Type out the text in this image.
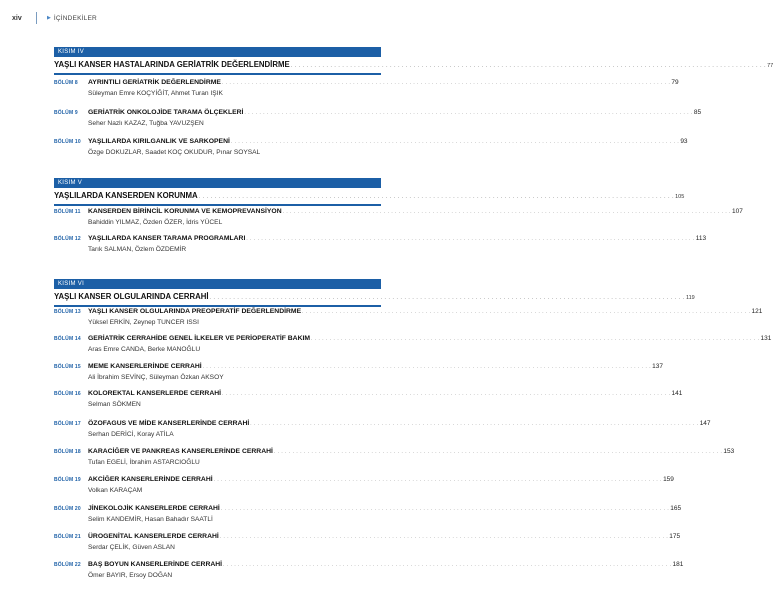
xiv	▶ İÇİNDEKİLER
KISIM IV
YAŞLI KANSER HASTALARINDA GERİATRİK DEĞERLENDİRME . . . . . . . . . . . . . . . . . . . . . . . . . . . . . . . . . . . . . . . . . . . . . . . . . . . . . . . . . . . . . . . . . . . . . . . . . . . . . . . . . . . . . . . . . . . . . . . . . . . . . . . . . . . . . . . . . . . . . . . . 77
BÖLÜM 8	AYRINTILI GERİATRİK DEĞERLENDİRME . . . . . . . . . . . . . . . . . . . . . . . . . . . . . . . . . . . . . . . . . . . . . . . . . . . . . . . . . . . . . . . . . . . . . . . . . . . . . . . . . . . . . . . . . . . . . . . . . . . . . . . . . . . . . . . . . . . . . . . . 79
Süleyman Emre KOÇYİĞİT, Ahmet Turan IŞIK
BÖLÜM 9	GERİATRİK ONKOLOJİDE TARAMA ÖLÇEKLERİ . . . . . . . . . . . . . . . . . . . . . . . . . . . . . . . . . . . . . . . . . . . . . . . . . . . . . . . . . . . . . . . . . . . . . . . . . . . . . . . . . . . . . . . . . . . . . . . . . . . . . . . . . . . . . . . . . . . . . . . . 85
Seher Nazlı KAZAZ, Tuğba YAVUZŞEN
BÖLÜM 10	YAŞLILARDA KIRILGANLIK VE SARKOPENİ . . . . . . . . . . . . . . . . . . . . . . . . . . . . . . . . . . . . . . . . . . . . . . . . . . . . . . . . . . . . . . . . . . . . . . . . . . . . . . . . . . . . . . . . . . . . . . . . . . . . . . . . . . . . . . . . . . . . . . . . 93
Özge DOKUZLAR, Saadet KOÇ OKUDUR, Pınar SOYSAL
KISIM V
YAŞLILARDA KANSERDEN KORUNMA . . . . . . . . . . . . . . . . . . . . . . . . . . . . . . . . . . . . . . . . . . . . . . . . . . . . . . . . . . . . . . . . . . . . . . . . . . . . . . . . . . . . . . . . . . . . . . . . . . . . . . . . . . . . . . . . . . . . . . . . 105
BÖLÜM 11	KANSERDEN BİRİNCİL KORUNMA VE KEMOPREVANSİYON . . . . . . . . . . . . . . . . . . . . . . . . . . . . . . . . . . . . . . . . . . . . . . . . . . . . . . . . . . . . . . . . . . . . . . . . . . . . . . . . . . . . . . . . . . . . . . . . . . . . . . . . . . . . . . . . . . . . . . . . 107
Bahiddin YILMAZ, Özden ÖZER, İdris YÜCEL
BÖLÜM 12	YAŞLILARDA KANSER TARAMA PROGRAMLARI . . . . . . . . . . . . . . . . . . . . . . . . . . . . . . . . . . . . . . . . . . . . . . . . . . . . . . . . . . . . . . . . . . . . . . . . . . . . . . . . . . . . . . . . . . . . . . . . . . . . . . . . . . . . . . . . . . . . . . . . 113
Tarık SALMAN, Özlem ÖZDEMİR
KISIM VI
YAŞLI KANSER OLGULARINDA CERRAHİ . . . . . . . . . . . . . . . . . . . . . . . . . . . . . . . . . . . . . . . . . . . . . . . . . . . . . . . . . . . . . . . . . . . . . . . . . . . . . . . . . . . . . . . . . . . . . . . . . . . . . . . . . . . . . . . . . . . . . . . . 119
BÖLÜM 13	YAŞLI KANSER OLGULARINDA PREOPERATİF DEĞERLENDİRME . . . . . . . . . . . . . . . . . . . . . . . . . . . . . . . . . . . . . . . . . . . . . . . . . . . . . . . . . . . . . . . . . . . . . . . . . . . . . . . . . . . . . . . . . . . . . . . . . . . . . . . . . . . . . . . . . . . . . . . . 121
Yüksel ERKİN, Zeynep TUNCER ISSI
BÖLÜM 14	GERİATRİK CERRAHİDE GENEL İLKELER VE PERİOPERATİF BAKIM . . . . . . . . . . . . . . . . . . . . . . . . . . . . . . . . . . . . . . . . . . . . . . . . . . . . . . . . . . . . . . . . . . . . . . . . . . . . . . . . . . . . . . . . . . . . . . . . . . . . . . . . . . . . . . . . . . . . . . . . 131
Aras Emre CANDA, Berke MANOĞLU
BÖLÜM 15	MEME KANSERLERİNDE CERRAHİ . . . . . . . . . . . . . . . . . . . . . . . . . . . . . . . . . . . . . . . . . . . . . . . . . . . . . . . . . . . . . . . . . . . . . . . . . . . . . . . . . . . . . . . . . . . . . . . . . . . . . . . . . . . . . . . . . . . . . . . . 137
Ali İbrahim SEVİNÇ, Süleyman Özkan AKSOY
BÖLÜM 16	KOLOREKTAL KANSERLERDE CERRAHİ . . . . . . . . . . . . . . . . . . . . . . . . . . . . . . . . . . . . . . . . . . . . . . . . . . . . . . . . . . . . . . . . . . . . . . . . . . . . . . . . . . . . . . . . . . . . . . . . . . . . . . . . . . . . . . . . . . . . . . . . 141
Selman SÖKMEN
BÖLÜM 17	ÖZOFAGUS VE MİDE KANSERLERİNDE CERRAHİ . . . . . . . . . . . . . . . . . . . . . . . . . . . . . . . . . . . . . . . . . . . . . . . . . . . . . . . . . . . . . . . . . . . . . . . . . . . . . . . . . . . . . . . . . . . . . . . . . . . . . . . . . . . . . . . . . . . . . . . . 147
Serhan DERİCİ, Koray ATİLA
BÖLÜM 18	KARACİĞER VE PANKREAS KANSERLERİNDE CERRAHİ . . . . . . . . . . . . . . . . . . . . . . . . . . . . . . . . . . . . . . . . . . . . . . . . . . . . . . . . . . . . . . . . . . . . . . . . . . . . . . . . . . . . . . . . . . . . . . . . . . . . . . . . . . . . . . . . . . . . . . . . 153
Tufan EGELİ, İbrahim ASTARCIOĞLU
BÖLÜM 19	AKCİĞER KANSERLERİNDE CERRAHİ . . . . . . . . . . . . . . . . . . . . . . . . . . . . . . . . . . . . . . . . . . . . . . . . . . . . . . . . . . . . . . . . . . . . . . . . . . . . . . . . . . . . . . . . . . . . . . . . . . . . . . . . . . . . . . . . . . . . . . . . 159
Volkan KARAÇAM
BÖLÜM 20	JİNEKOLOJİK KANSERLERDE CERRAHİ . . . . . . . . . . . . . . . . . . . . . . . . . . . . . . . . . . . . . . . . . . . . . . . . . . . . . . . . . . . . . . . . . . . . . . . . . . . . . . . . . . . . . . . . . . . . . . . . . . . . . . . . . . . . . . . . . . . . . . . . 165
Selim KANDEMİR, Hasan Bahadır SAATLİ
BÖLÜM 21	ÜROGENİTAL KANSERLERDE CERRAHİ . . . . . . . . . . . . . . . . . . . . . . . . . . . . . . . . . . . . . . . . . . . . . . . . . . . . . . . . . . . . . . . . . . . . . . . . . . . . . . . . . . . . . . . . . . . . . . . . . . . . . . . . . . . . . . . . . . . . . . . . 175
Serdar ÇELİK, Güven ASLAN
BÖLÜM 22	BAŞ BOYUN KANSERLERİNDE CERRAHİ . . . . . . . . . . . . . . . . . . . . . . . . . . . . . . . . . . . . . . . . . . . . . . . . . . . . . . . . . . . . . . . . . . . . . . . . . . . . . . . . . . . . . . . . . . . . . . . . . . . . . . . . . . . . . . . . . . . . . . . . 181
Ömer BAYIR, Ersoy DOĞAN
